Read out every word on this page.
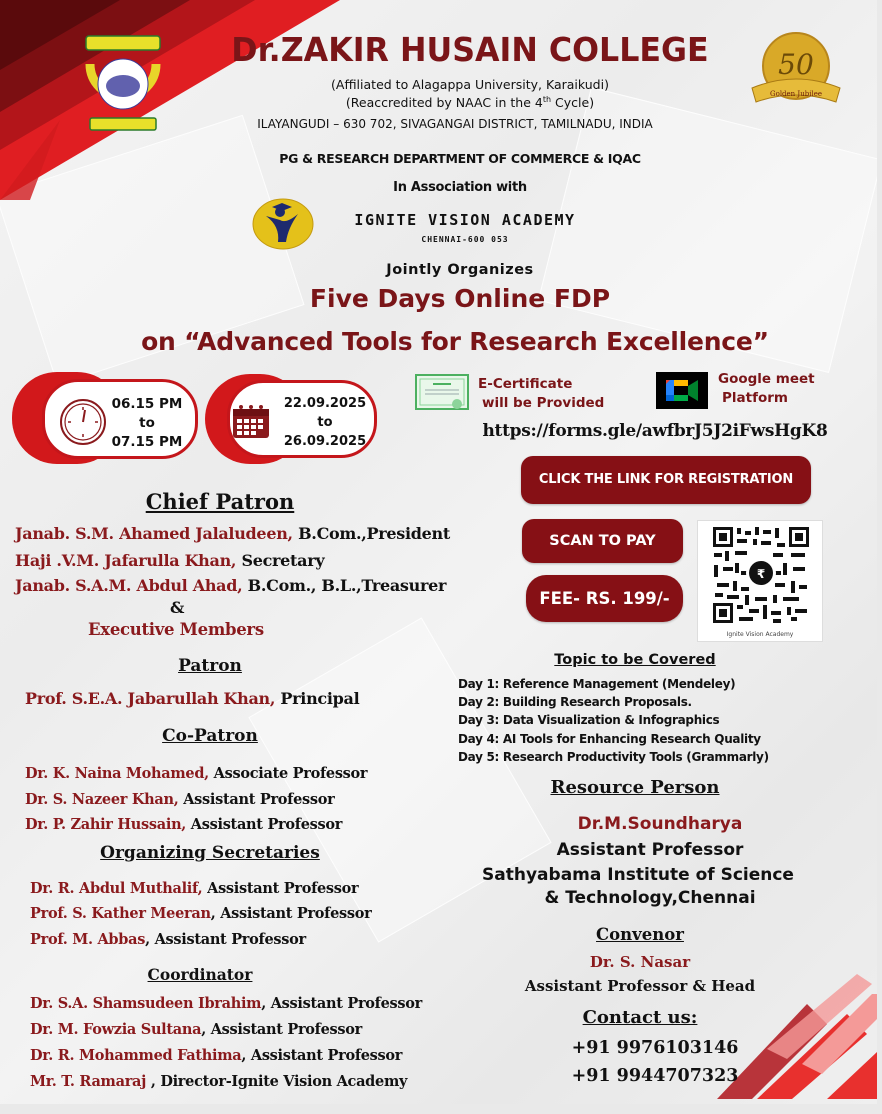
50
Golden Jubilee
Dr.ZAKIR HUSAIN COLLEGE
(Affiliated to Alagappa University, Karaikudi)
(Reaccredited by NAAC in the 4th Cycle)
ILAYANGUDI – 630 702, SIVAGANGAI DISTRICT, TAMILNADU, INDIA
PG & RESEARCH DEPARTMENT OF COMMERCE & IQAC
In Association with
IGNITE VISION ACADEMY
CHENNAI-600 053
Jointly Organizes
Five Days Online FDP
on “Advanced Tools for Research Excellence”
06.15 PM
to
07.15 PM
22.09.2025
to
26.09.2025
E-Certificate
will be Provided
Google meet
Platform
https://forms.gle/awfbrJ5J2iFwsHgK8
CLICK THE LINK FOR REGISTRATION
SCAN TO PAY
FEE- RS. 199/-
₹
Ignite Vision Academy
Chief Patron
Janab. S.M. Ahamed Jalaludeen, B.Com.,President
Haji .V.M. Jafarulla Khan, Secretary
Janab. S.A.M. Abdul Ahad, B.Com., B.L.,Treasurer
&
Executive Members
Patron
Prof. S.E.A. Jabarullah Khan, Principal
Co-Patron
Dr. K. Naina Mohamed, Associate Professor
Dr. S. Nazeer Khan, Assistant Professor
Dr. P. Zahir Hussain, Assistant Professor
Organizing Secretaries
Dr. R. Abdul Muthalif, Assistant Professor
Prof. S. Kather Meeran, Assistant Professor
Prof. M. Abbas, Assistant Professor
Coordinator
Dr. S.A. Shamsudeen Ibrahim, Assistant Professor
Dr. M. Fowzia Sultana, Assistant Professor
Dr. R. Mohammed Fathima, Assistant Professor
Mr. T. Ramaraj , Director-Ignite Vision Academy
Topic to be Covered
Day 1: Reference Management (Mendeley)
Day 2: Building Research Proposals.
Day 3: Data Visualization & Infographics
Day 4: AI Tools for Enhancing Research Quality
Day 5: Research Productivity Tools (Grammarly)
Resource Person
Dr.M.Soundharya
Assistant Professor
Sathyabama Institute of Science
& Technology,Chennai
Convenor
Dr. S. Nasar
Assistant Professor & Head
Contact us:
+91 9976103146
+91 9944707323
